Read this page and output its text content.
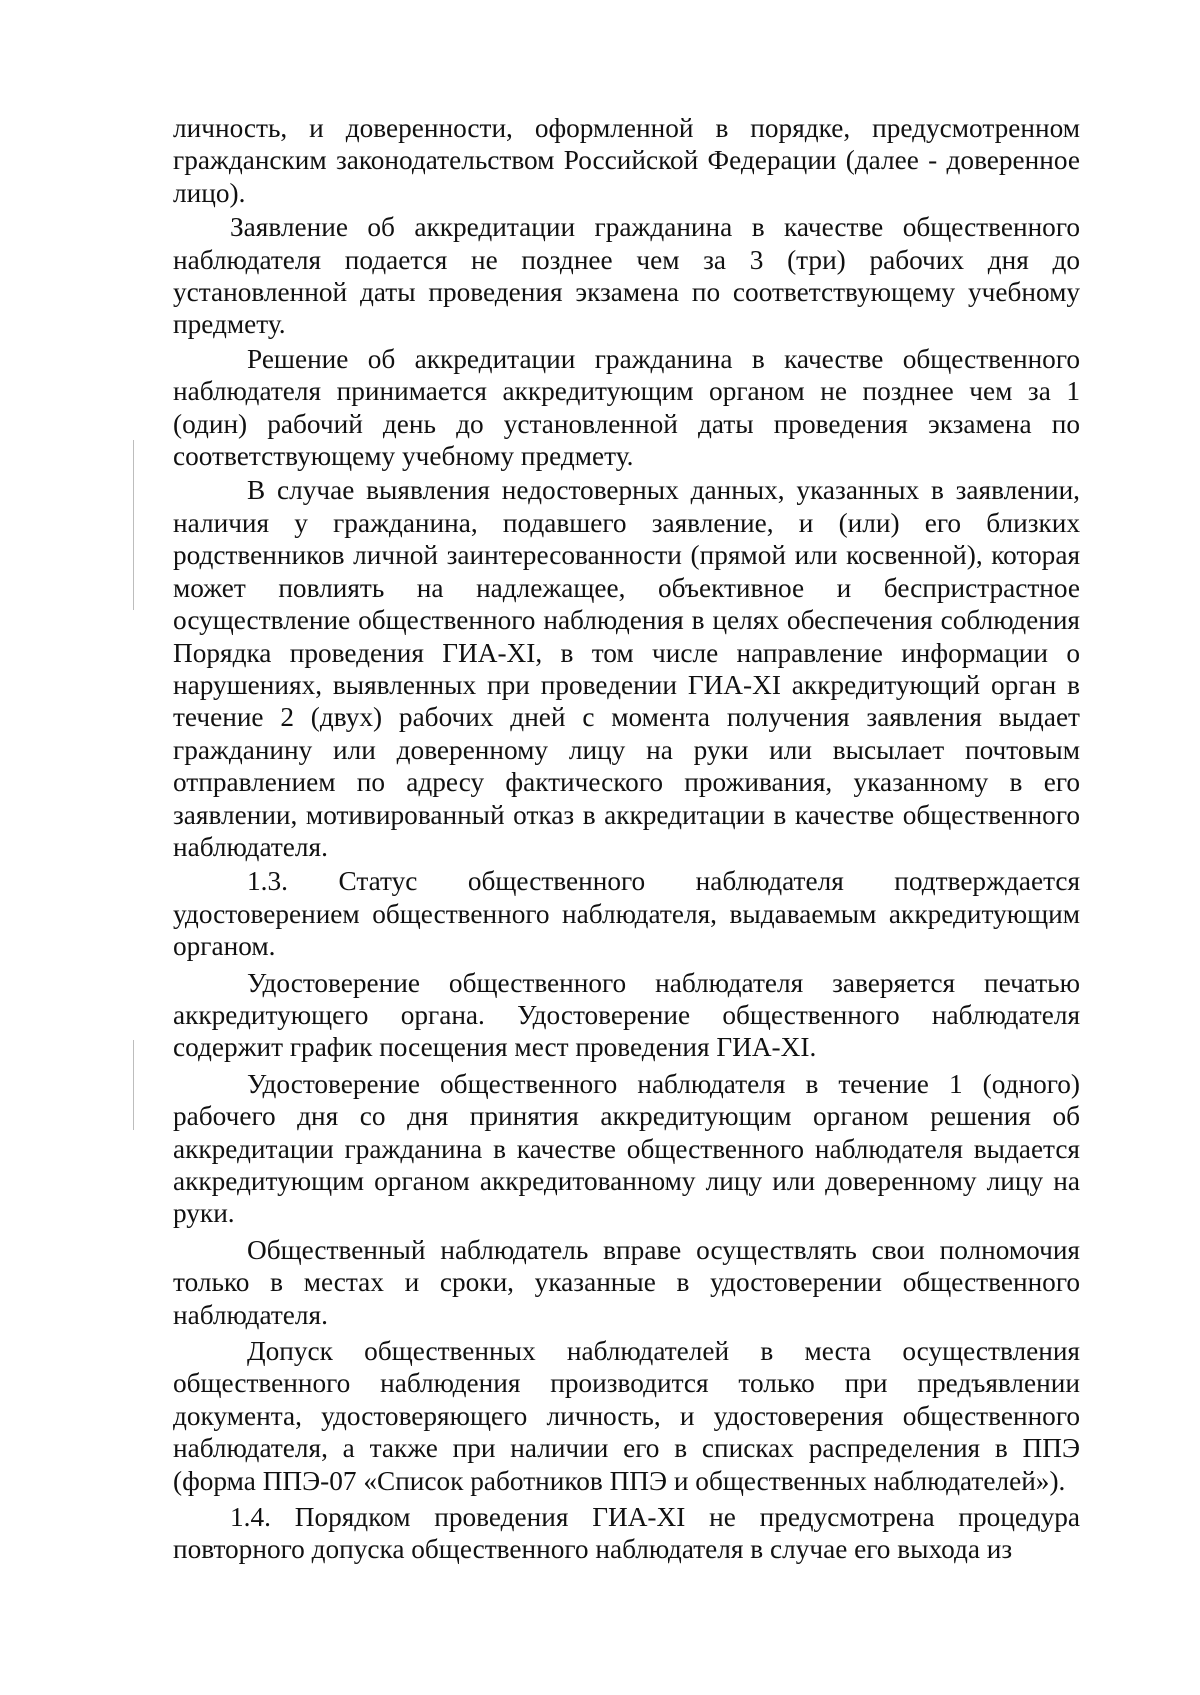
личность, и доверенности, оформленной в порядке, предусмотренном гражданским законодательством Российской Федерации (далее - доверенное лицо).

Заявление об аккредитации гражданина в качестве общественного наблюдателя подается не позднее чем за 3 (три) рабочих дня до установленной даты проведения экзамена по соответствующему учебному предмету.

Решение об аккредитации гражданина в качестве общественного наблюдателя принимается аккредитующим органом не позднее чем за 1 (один) рабочий день до установленной даты проведения экзамена по соответствующему учебному предмету.

В случае выявления недостоверных данных, указанных в заявлении, наличия у гражданина, подавшего заявление, и (или) его близких родственников личной заинтересованности (прямой или косвенной), которая может повлиять на надлежащее, объективное и беспристрастное осуществление общественного наблюдения в целях обеспечения соблюдения Порядка проведения ГИА-XI, в том числе направление информации о нарушениях, выявленных при проведении ГИА-XI аккредитующий орган в течение 2 (двух) рабочих дней с момента получения заявления выдает гражданину или доверенному лицу на руки или высылает почтовым отправлением по адресу фактического проживания, указанному в его заявлении, мотивированный отказ в аккредитации в качестве общественного наблюдателя.

1.3. Статус общественного наблюдателя подтверждается удостоверением общественного наблюдателя, выдаваемым аккредитующим органом.

Удостоверение общественного наблюдателя заверяется печатью аккредитующего органа. Удостоверение общественного наблюдателя содержит график посещения мест проведения ГИА-XI.

Удостоверение общественного наблюдателя в течение 1 (одного) рабочего дня со дня принятия аккредитующим органом решения об аккредитации гражданина в качестве общественного наблюдателя выдается аккредитующим органом аккредитованному лицу или доверенному лицу на руки.

Общественный наблюдатель вправе осуществлять свои полномочия только в местах и сроки, указанные в удостоверении общественного наблюдателя.

Допуск общественных наблюдателей в места осуществления общественного наблюдения производится только при предъявлении документа, удостоверяющего личность, и удостоверения общественного наблюдателя, а также при наличии его в списках распределения в ППЭ (форма ППЭ-07 «Список работников ППЭ и общественных наблюдателей»).

1.4. Порядком проведения ГИА-XI не предусмотрена процедура повторного допуска общественного наблюдателя в случае его выхода из
